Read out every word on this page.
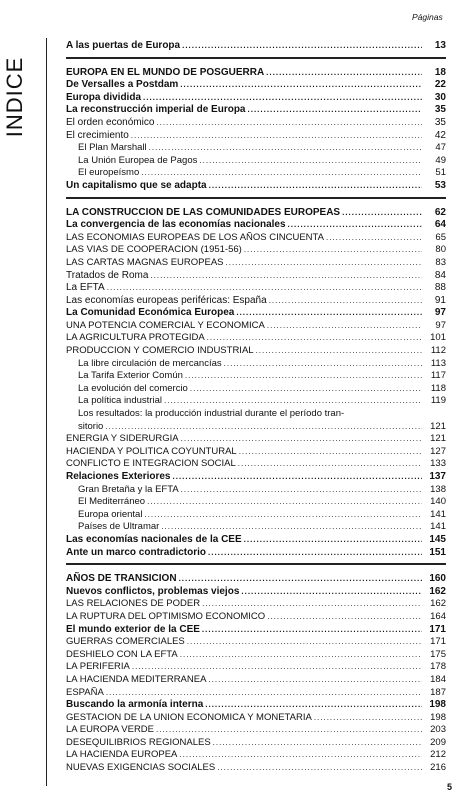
Páginas
INDICE
A las puertas de Europa .....	13
EUROPA EN EL MUNDO DE POSGUERRA .....	18
De Versalles a Postdam .....	22
Europa dividida .....	30
La reconstrucción imperial de Europa .....	35
El orden económico .....	35
El crecimiento .....	42
El Plan Marshall .....	47
La Unión Europea de Pagos .....	49
El europeísmo .....	51
Un capitalismo que se adapta .....	53
LA CONSTRUCCION DE LAS COMUNIDADES EUROPEAS .....	62
La convergencia de las economías nacionales .....	64
LAS ECONOMIAS EUROPEAS DE LOS AÑOS CINCUENTA .....	65
LAS VIAS DE COOPERACION (1951-56) .....	80
LAS CARTAS MAGNAS EUROPEAS .....	83
Tratados de Roma .....	84
La EFTA .....	88
Las economías europeas periféricas: España .....	91
La Comunidad Económica Europea .....	97
UNA POTENCIA COMERCIAL Y ECONOMICA .....	97
LA AGRICULTURA PROTEGIDA .....	101
PRODUCCION Y COMERCIO INDUSTRIAL .....	112
La libre circulación de mercancías .....	113
La Tarifa Exterior Común .....	117
La evolución del comercio .....	118
La política industrial .....	119
Los resultados: la producción industrial durante el período tran-
sitorio .....	121
ENERGIA Y SIDERURGIA .....	121
HACIENDA Y POLITICA COYUNTURAL .....	127
CONFLICTO E INTEGRACION SOCIAL .....	133
Relaciones Exteriores .....	137
Gran Bretaña y la EFTA .....	138
El Mediterráneo .....	140
Europa oriental .....	141
Países de Ultramar .....	141
Las economías nacionales de la CEE .....	145
Ante un marco contradictorio .....	151
AÑOS DE TRANSICION .....	160
Nuevos conflictos, problemas viejos .....	162
LAS RELACIONES DE PODER .....	162
LA RUPTURA DEL OPTIMISMO ECONOMICO .....	164
El mundo exterior de la CEE .....	171
GUERRAS COMERCIALES .....	171
DESHIELO CON LA EFTA .....	175
LA PERIFERIA .....	178
LA HACIENDA MEDITERRANEA .....	184
ESPAÑA .....	187
Buscando la armonía interna .....	198
GESTACION DE LA UNION ECONOMICA Y MONETARIA .....	198
LA EUROPA VERDE .....	203
DESEQUILIBRIOS REGIONALES .....	209
LA HACIENDA EUROPEA .....	212
NUEVAS EXIGENCIAS SOCIALES .....	216
5
